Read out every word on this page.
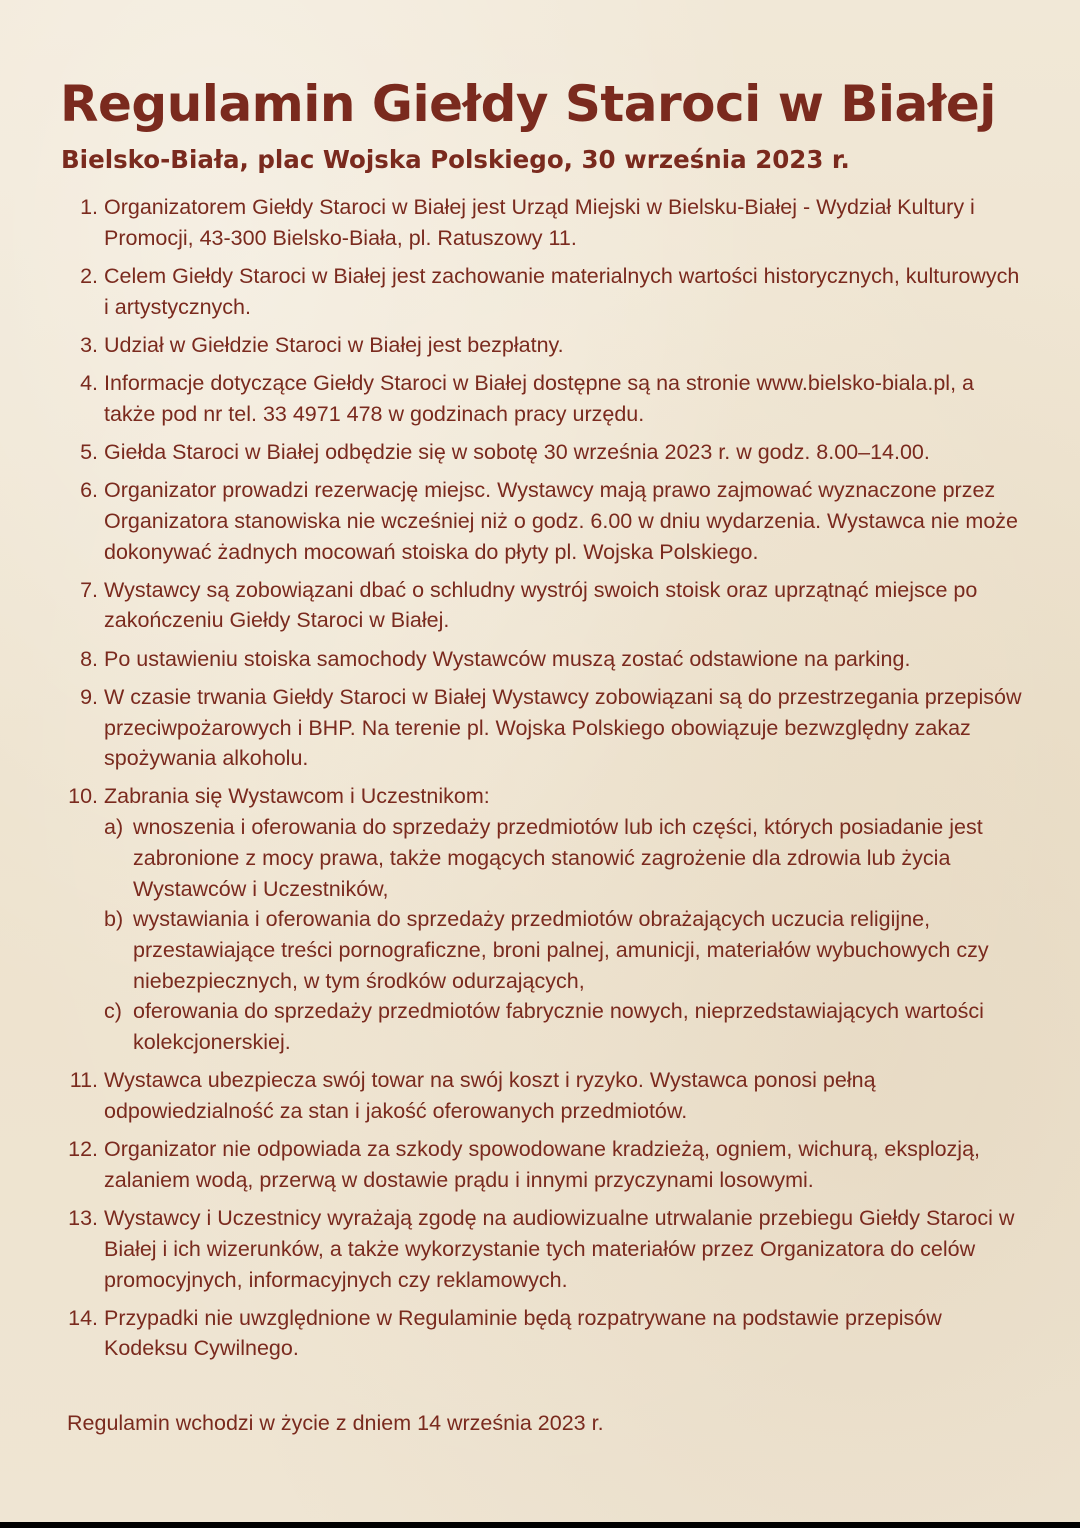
Regulamin Giełdy Staroci w Białej
Bielsko-Biała, plac Wojska Polskiego, 30 września 2023 r.
1. Organizatorem Giełdy Staroci w Białej jest Urząd Miejski w Bielsku-Białej - Wydział Kultury i Promocji, 43-300 Bielsko-Biała, pl. Ratuszowy 11.
2. Celem Giełdy Staroci w Białej jest zachowanie materialnych wartości historycznych, kulturowych i artystycznych.
3. Udział w Giełdzie Staroci w Białej jest bezpłatny.
4. Informacje dotyczące Giełdy Staroci w Białej dostępne są na stronie www.bielsko-biala.pl, a także pod nr tel. 33 4971 478 w godzinach pracy urzędu.
5. Giełda Staroci w Białej odbędzie się w sobotę 30 września 2023 r. w godz. 8.00–14.00.
6. Organizator prowadzi rezerwację miejsc. Wystawcy mają prawo zajmować wyznaczone przez Organizatora stanowiska nie wcześniej niż o godz. 6.00 w dniu wydarzenia. Wystawca nie może dokonywać żadnych mocowań stoiska do płyty pl. Wojska Polskiego.
7. Wystawcy są zobowiązani dbać o schludny wystrój swoich stoisk oraz uprzątnąć miejsce po zakończeniu Giełdy Staroci w Białej.
8. Po ustawieniu stoiska samochody Wystawców muszą zostać odstawione na parking.
9. W czasie trwania Giełdy Staroci w Białej Wystawcy zobowiązani są do przestrzegania przepisów przeciwpożarowych i BHP. Na terenie pl. Wojska Polskiego obowiązuje bezwzględny zakaz spożywania alkoholu.
10. Zabrania się Wystawcom i Uczestnikom:
a) wnoszenia i oferowania do sprzedaży przedmiotów lub ich części, których posiadanie jest zabronione z mocy prawa, także mogących stanowić zagrożenie dla zdrowia lub życia Wystawców i Uczestników,
b) wystawiania i oferowania do sprzedaży przedmiotów obrażających uczucia religijne, przestawiające treści pornograficzne, broni palnej, amunicji, materiałów wybuchowych czy niebezpiecznych, w tym środków odurzających,
c) oferowania do sprzedaży przedmiotów fabrycznie nowych, nieprzedstawiających wartości kolekcjonerskiej.
11. Wystawca ubezpiecza swój towar na swój koszt i ryzyko. Wystawca ponosi pełną odpowiedzialność za stan i jakość oferowanych przedmiotów.
12. Organizator nie odpowiada za szkody spowodowane kradzieżą, ogniem, wichurą, eksplozją, zalaniem wodą, przerwą w dostawie prądu i innymi przyczynami losowymi.
13. Wystawcy i Uczestnicy wyrażają zgodę na audiowizualne utrwalanie przebiegu Giełdy Staroci w Białej i ich wizerunków, a także wykorzystanie tych materiałów przez Organizatora do celów promocyjnych, informacyjnych czy reklamowych.
14. Przypadki nie uwzględnione w Regulaminie będą rozpatrywane na podstawie przepisów Kodeksu Cywilnego.

Regulamin wchodzi w życie z dniem 14 września 2023 r.
